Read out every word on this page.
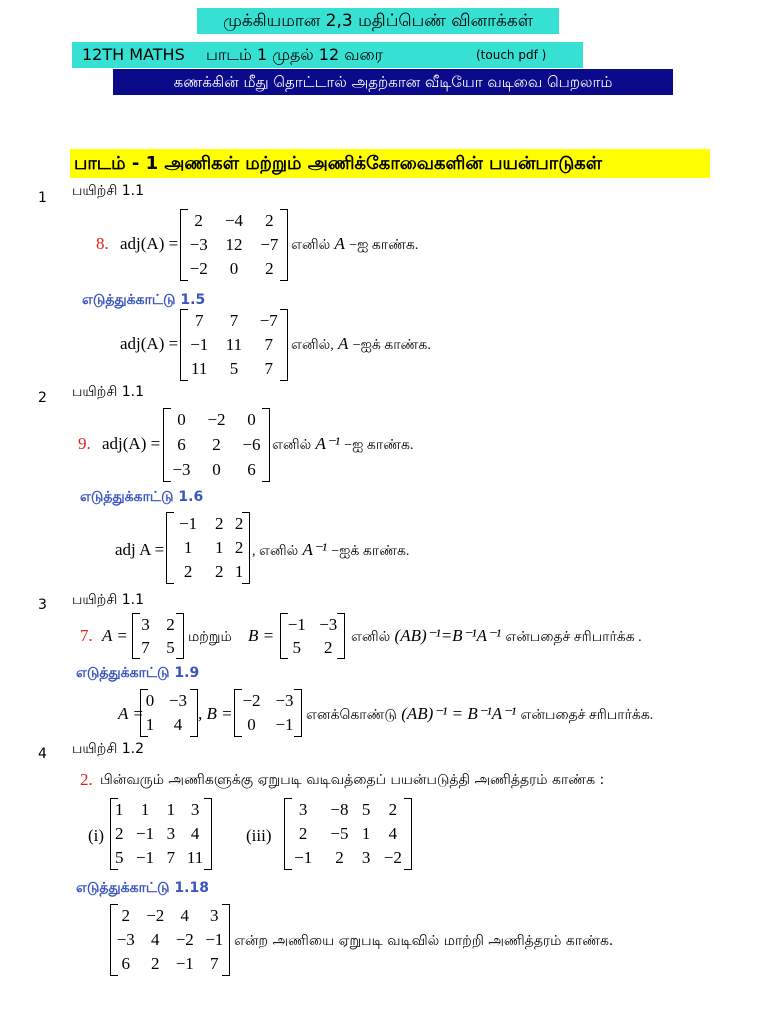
முக்கியமான 2,3 மதிப்பெண் வினாக்கள்
12TH MATHS பாடம் 1 முதல் 12 வரை	(touch pdf )
கணக்கின் மீது தொட்டால் அதற்கான வீடியோ வடிவை பெறலாம்
பாடம் - 1 அணிகள் மற்றும் அணிக்கோவைகளின் பயன்பாடுகள்
1 பயிற்சி 1.1
8. adj(A) =
2	−4	2
−3	12	−7
−2	0	2
எனில் A −ஐ காண்க.
எடுத்துக்காட்டு 1.5
adj(A) =
7	7	−7
−1	11	7
11	5	7
எனில், A −ஐக் காண்க.
2 பயிற்சி 1.1
9. adj(A) =
0	−2	0
6	2	−6
−3	0	6
எனில் A⁻¹ −ஐ காண்க.
எடுத்துக்காட்டு 1.6
adj A =
−1	2	2
1	1	2
2	2	1
, எனில் A⁻¹ −ஐக் காண்க.
3 பயிற்சி 1.1
7. A =
3	2
7	5
மற்றும் B =
−1	−3
5	2 எனில் (AB)⁻¹=B⁻¹A⁻¹ என்பதைச் சரிபார்க்க .
எடுத்துக்காட்டு 1.9
A =
0	−3
1	4
, B =
−2	−3
0	−1 எனக்கொண்டு (AB)⁻¹ = B⁻¹A⁻¹ என்பதைச் சரிபார்க்க.
4 பயிற்சி 1.2
2. பின்வரும் அணிகளுக்கு ஏறுபடி வடிவத்தைப் பயன்படுத்தி அணித்தரம் காண்க :
(i)
1	1	1	3
2	−1	3	4
5	−1	7	11
(iii)
3	−8	5	2
2	−5	1	4
−1	2	3	−2
எடுத்துக்காட்டு 1.18
2	−2	4	3
−3	4	−2	−1
6	2	−1	7
என்ற அணியை ஏறுபடி வடிவில் மாற்றி அணித்தரம் காண்க.
